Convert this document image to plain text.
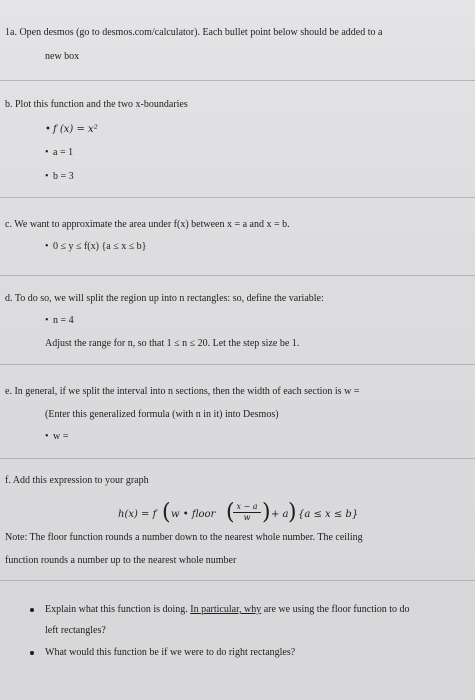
1a. Open desmos (go to desmos.com/calculator). Each bullet point below should be added to a
new box
b. Plot this function and the two x-boundaries
• f (x) = x²
• a = 1
• b = 3
c. We want to approximate the area under f(x) between x = a and x = b.
• 0 ≤ y ≤ f(x) {a ≤ x ≤ b}
d. To do so, we will split the region up into n rectangles: so, define the variable:
• n = 4
Adjust the range for n, so that 1 ≤ n ≤ 20. Let the step size be 1.
e. In general, if we split the interval into n sections, then the width of each section is w =
(Enter this generalized formula (with n in it) into Desmos)
• w =
f. Add this expression to your graph
h(x) = f ( w • floor (
$\frac{x - a}{w}$ ) + a ) {a ≤ x ≤ b}
Note: The floor function rounds a number down to the nearest whole number. The ceiling
function rounds a number up to the nearest whole number
Explain what this function is doing. In particular, why are we using the floor function to do
left rectangles?
What would this function be if we were to do right rectangles?
